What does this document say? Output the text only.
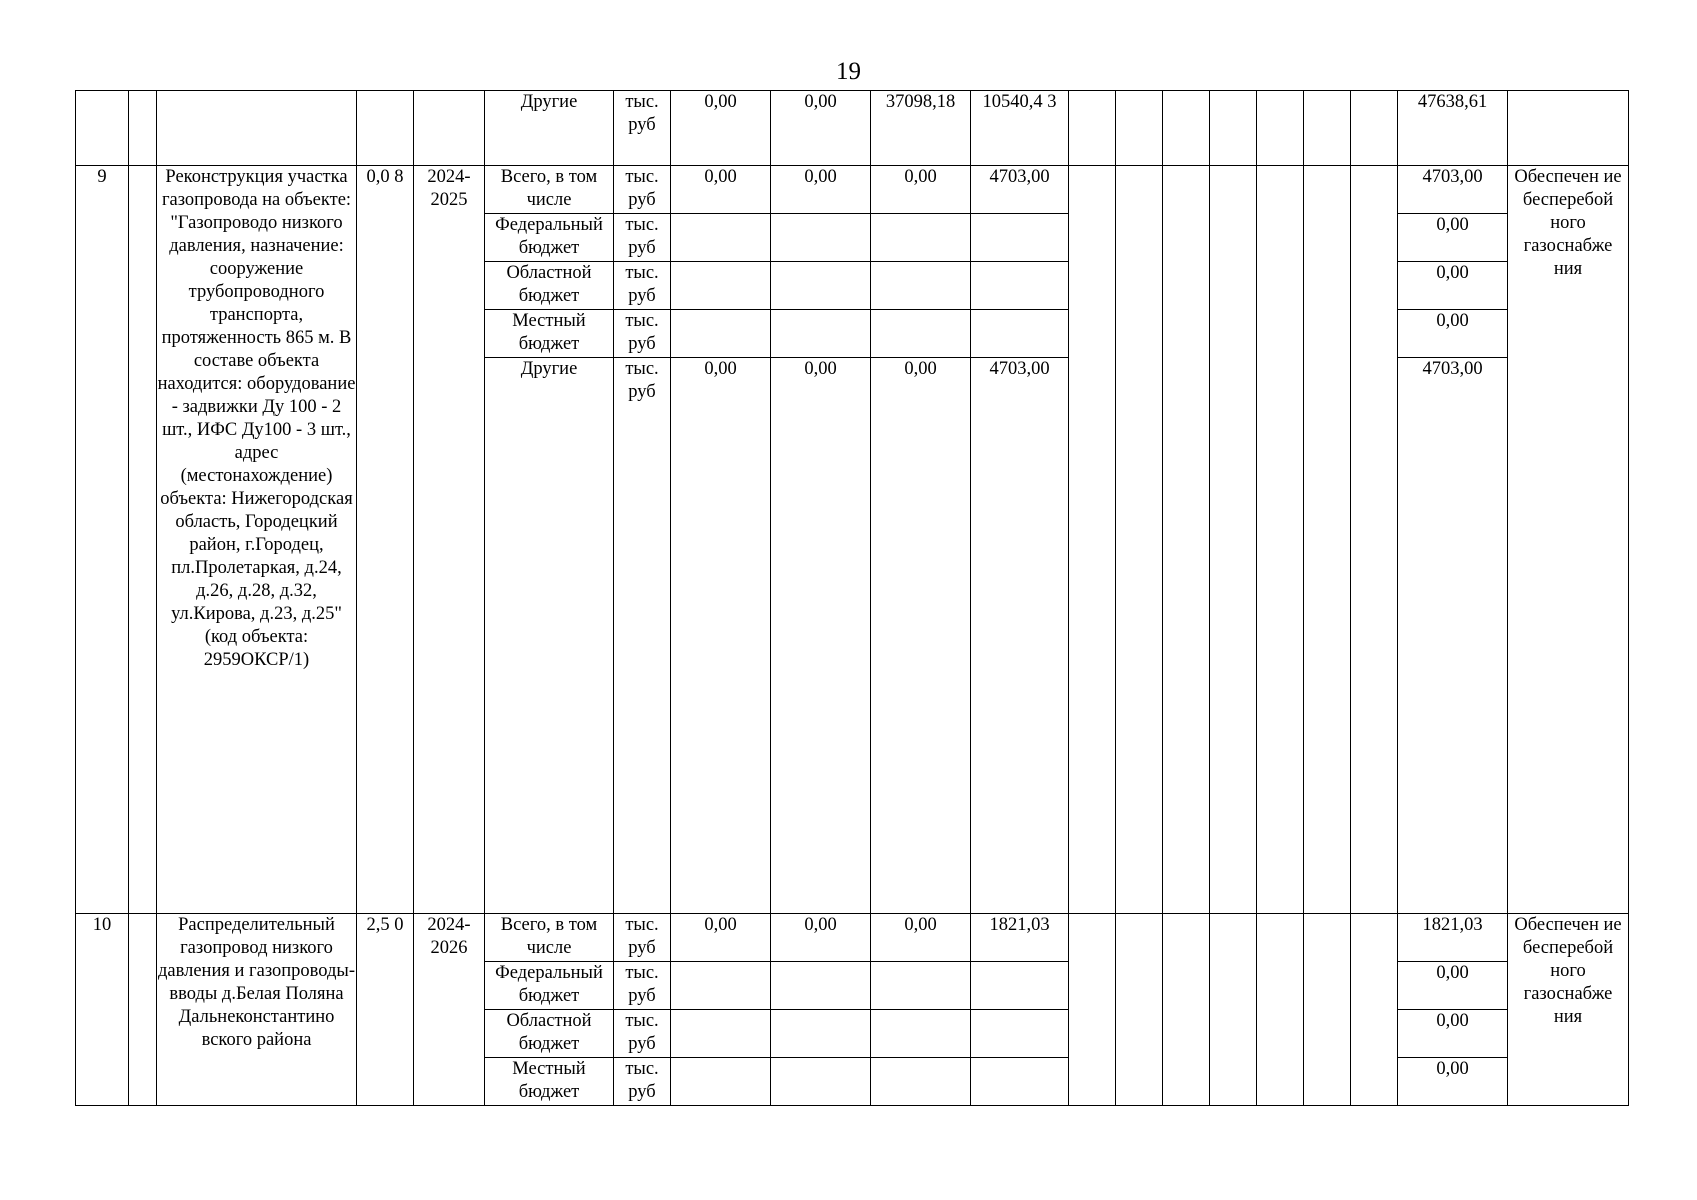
19
					Другие	тыс. руб	0,00	0,00	37098,18	10540,4 3								47638,61	
9		Реконструкция участка газопровода на объекте: "Газопроводо низкого давления, назначение: сооружение трубопроводного транспорта, протяженность 865 м. В составе объекта находится: оборудование - задвижки Ду 100 - 2 шт., ИФС Ду100 - 3 шт., адрес (местонахождение) объекта: Нижегородская область, Городецкий район, г.Городец, пл.Пролетаркая, д.24, д.26, д.28, д.32, ул.Кирова, д.23, д.25" (код объекта: 2959ОКСР/1)	0,0 8	2024- 2025	Всего, в том числе	тыс. руб	0,00	0,00	0,00	4703,00								4703,00	Обеспечен ие бесперебой ного газоснабже ния
					Федеральный бюджет	тыс. руб												0,00	
					Областной бюджет	тыс. руб												0,00	
					Местный бюджет	тыс. руб												0,00	
					Другие	тыс. руб	0,00	0,00	0,00	4703,00								4703,00	
10		Распределительный газопровод низкого давления и газопроводы-вводы д.Белая Поляна Дальнеконстантино вского района	2,5 0	2024- 2026	Всего, в том числе	тыс. руб	0,00	0,00	0,00	1821,03								1821,03	Обеспечен ие бесперебой ного газоснабже ния
					Федеральный бюджет	тыс. руб												0,00	
					Областной бюджет	тыс. руб												0,00	
					Местный бюджет	тыс. руб												0,00	
